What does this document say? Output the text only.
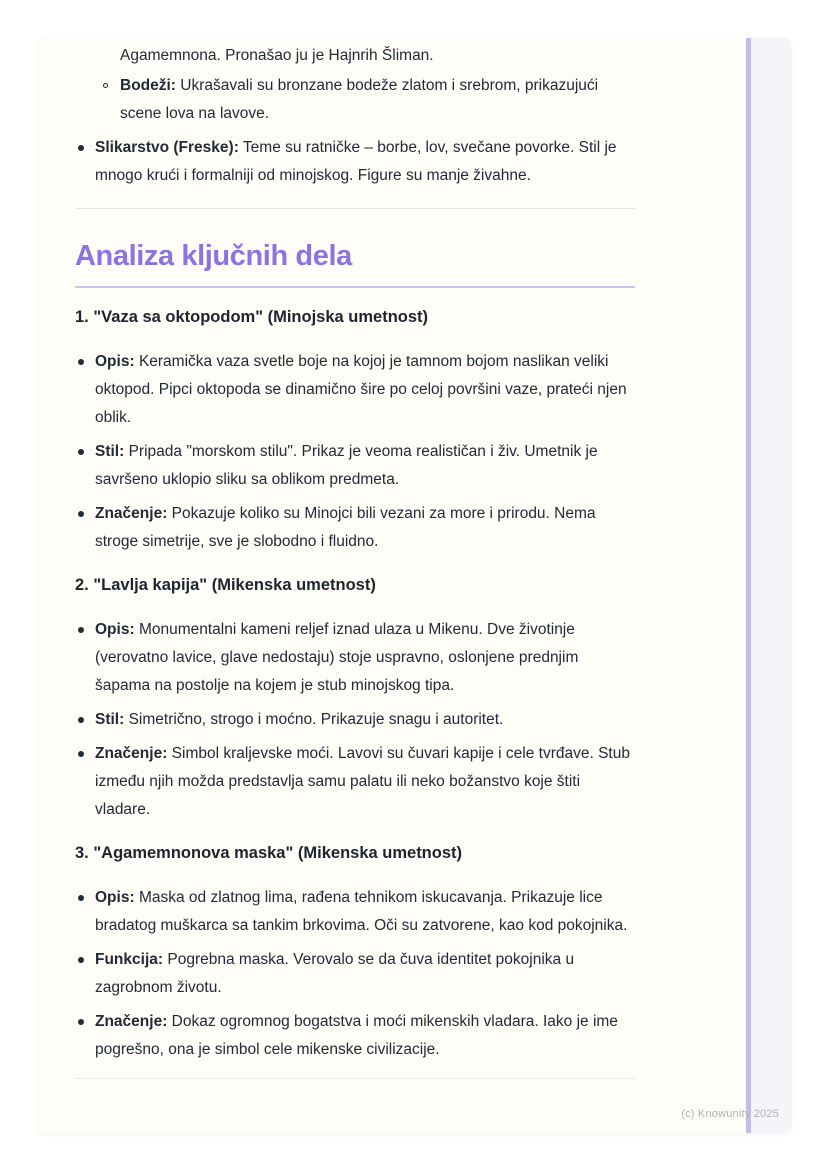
Agamemnona. Pronašao ju je Hajnrih Šliman.

Bodeži: Ukrašavali su bronzane bodeže zlatom i srebrom, prikazujući scene lova na lavove.
Slikarstvo (Freske): Teme su ratničke – borbe, lov, svečane povorke. Stil je mnogo krući i formalniji od minojskog. Figure su manje živahne.
Analiza ključnih dela
1. "Vaza sa oktopodom" (Minojska umetnost)
Opis: Keramička vaza svetle boje na kojoj je tamnom bojom naslikan veliki oktopod. Pipci oktopoda se dinamično šire po celoj površini vaze, prateći njen oblik.
Stil: Pripada "morskom stilu". Prikaz je veoma realističan i živ. Umetnik je savršeno uklopio sliku sa oblikom predmeta.
Značenje: Pokazuje koliko su Minojci bili vezani za more i prirodu. Nema stroge simetrije, sve je slobodno i fluidno.
2. "Lavlja kapija" (Mikenska umetnost)
Opis: Monumentalni kameni reljef iznad ulaza u Mikenu. Dve životinje (verovatno lavice, glave nedostaju) stoje uspravno, oslonjene prednjim šapama na postolje na kojem je stub minojskog tipa.
Stil: Simetrično, strogo i moćno. Prikazuje snagu i autoritet.
Značenje: Simbol kraljevske moći. Lavovi su čuvari kapije i cele tvrđave. Stub između njih možda predstavlja samu palatu ili neko božanstvo koje štiti vladare.
3. "Agamemnonova maska" (Mikenska umetnost)
Opis: Maska od zlatnog lima, rađena tehnikom iskucavanja. Prikazuje lice bradatog muškarca sa tankim brkovima. Oči su zatvorene, kao kod pokojnika.
Funkcija: Pogrebna maska. Verovalo se da čuva identitet pokojnika u zagrobnom životu.
Značenje: Dokaz ogromnog bogatstva i moći mikenskih vladara. Iako je ime pogrešno, ona je simbol cele mikenske civilizacije.
(c) Knowunity 2025
